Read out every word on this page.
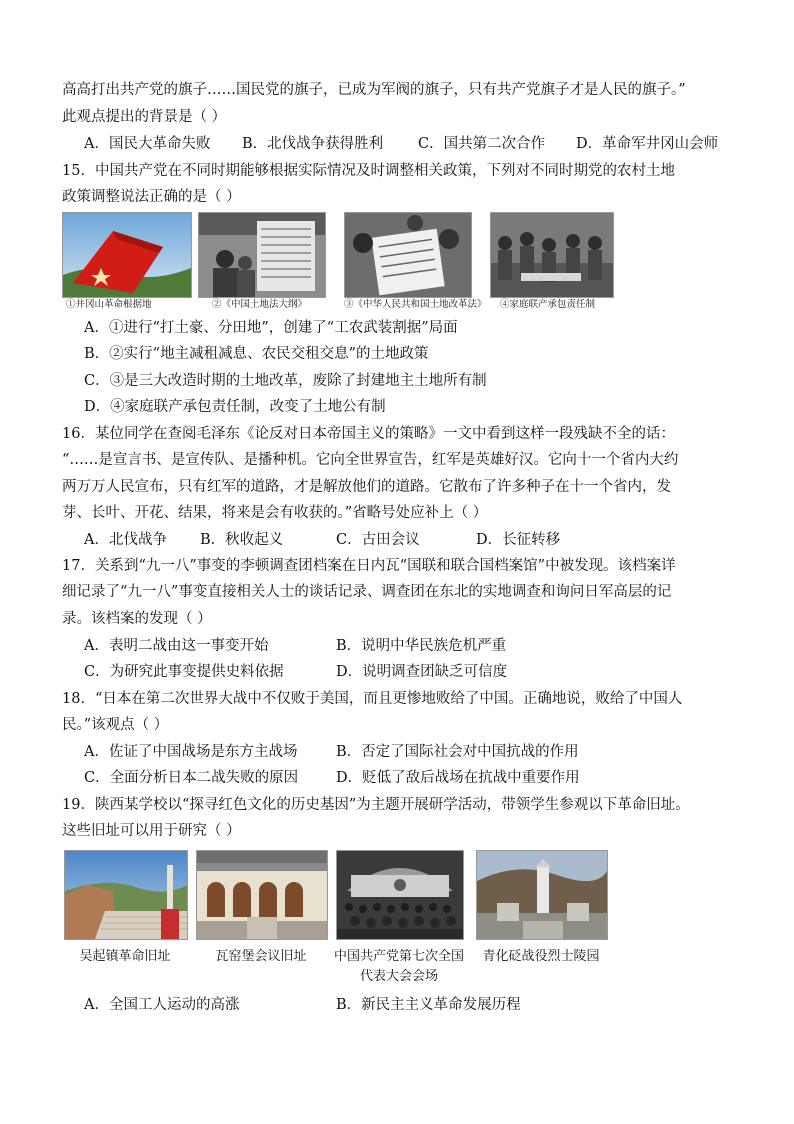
高高打出共产党的旗子……国民党的旗子，已成为军阀的旗子，只有共产党旗子才是人民的旗子。”
此观点提出的背景是（ ）
A．国民大革命失败 B．北伐战争获得胜利 C．国共第二次合作 D．革命军井冈山会师
15．中国共产党在不同时期能够根据实际情况及时调整相关政策，下列对不同时期党的农村土地
政策调整说法正确的是（ ）
①井冈山革命根据地	②《中国土地法大纲》	③《中华人民共和国土地改革法》 ④家庭联产承包责任制
A．①进行“打土豪、分田地”，创建了“工农武装割据”局面
B．②实行“地主减租减息、农民交租交息”的土地政策
C．③是三大改造时期的土地改革，废除了封建地主土地所有制
D．④家庭联产承包责任制，改变了土地公有制
16．某位同学在查阅毛泽东《论反对日本帝国主义的策略》一文中看到这样一段残缺不全的话：
“……是宣言书、是宣传队、是播种机。它向全世界宣告，红军是英雄好汉。它向十一个省内大约
两万万人民宣布，只有红军的道路，才是解放他们的道路。它散布了许多种子在十一个省内，发
芽、长叶、开花、结果，将来是会有收获的。”省略号处应补上（ ）
A．北伐战争 B．秋收起义	C．古田会议	D．长征转移
17．关系到“九一八”事变的李顿调查团档案在日内瓦“国联和联合国档案馆”中被发现。该档案详
细记录了“九一八”事变直接相关人士的谈话记录、调查团在东北的实地调查和询问日军高层的记
录。该档案的发现（ ）
A．表明二战由这一事变开始	B．说明中华民族危机严重
C．为研究此事变提供史料依据	D．说明调查团缺乏可信度
18．“日本在第二次世界大战中不仅败于美国，而且更惨地败给了中国。正确地说，败给了中国人
民。”该观点（ ）
A．佐证了中国战场是东方主战场	B．否定了国际社会对中国抗战的作用
C．全面分析日本二战失败的原因	D．贬低了敌后战场在抗战中重要作用
19．陕西某学校以“探寻红色文化的历史基因”为主题开展研学活动，带领学生参观以下革命旧址。
这些旧址可以用于研究（ ）
吴起镇革命旧址	瓦窑堡会议旧址	中国共产党第七次全国
代表大会会场
青化砭战役烈士陵园
A．全国工人运动的高涨	B．新民主主义革命发展历程
